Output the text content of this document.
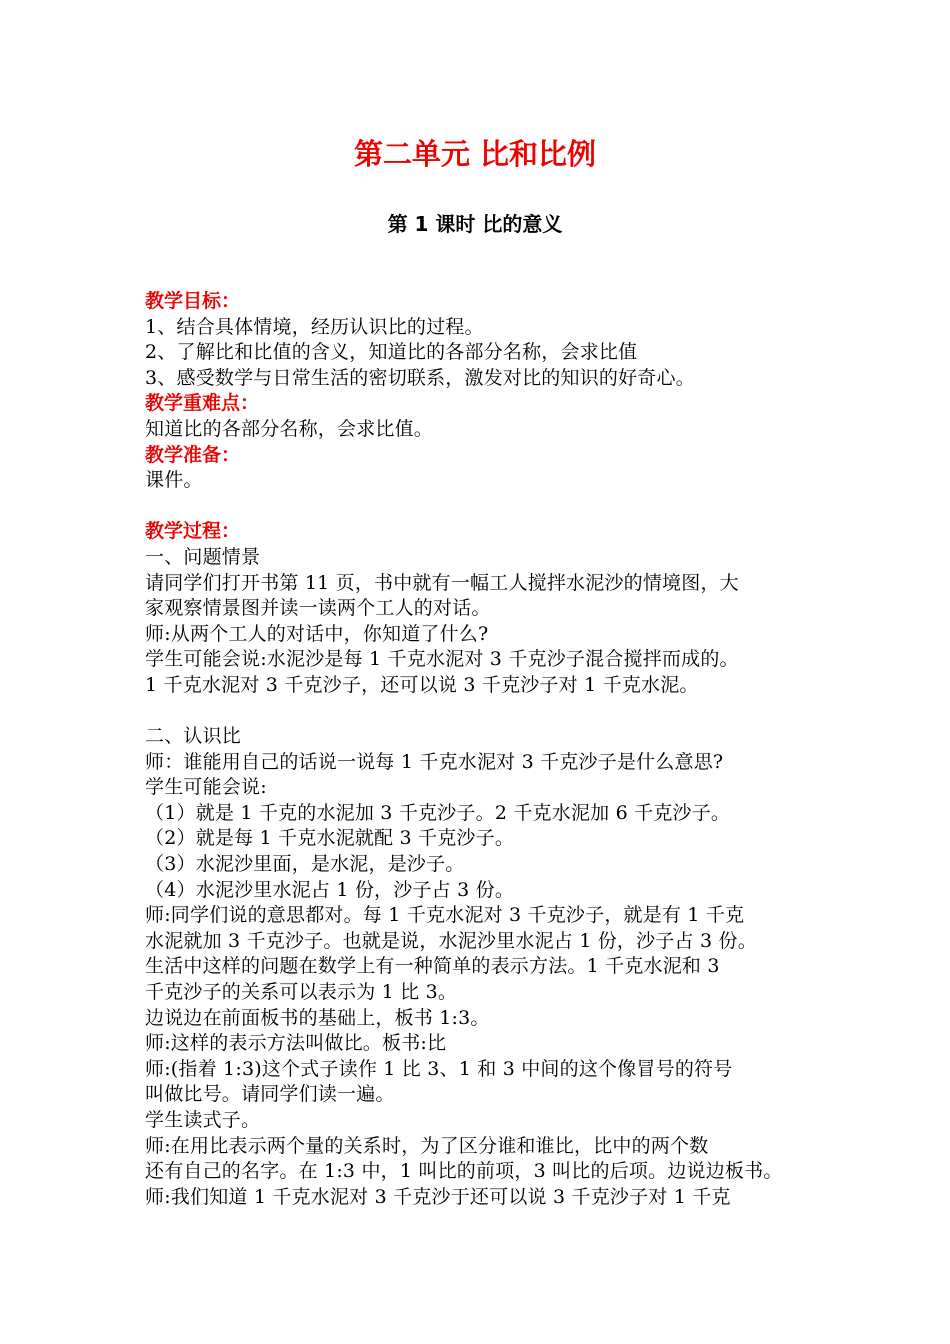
第二单元 比和比例
第 1 课时 比的意义
教学目标：
1、结合具体情境，经历认识比的过程。
2、了解比和比值的含义，知道比的各部分名称，会求比值
3、感受数学与日常生活的密切联系，激发对比的知识的好奇心。
教学重难点：
知道比的各部分名称，会求比值。
教学准备：
课件。
教学过程：
一、问题情景
请同学们打开书第 11 页，书中就有一幅工人搅拌水泥沙的情境图，大
家观察情景图并读一读两个工人的对话。
师:从两个工人的对话中，你知道了什么?
学生可能会说:水泥沙是每 1 千克水泥对 3 千克沙子混合搅拌而成的。
1 千克水泥对 3 千克沙子，还可以说 3 千克沙子对 1 千克水泥。
二、认识比
师：谁能用自己的话说一说每 1 千克水泥对 3 千克沙子是什么意思?
学生可能会说:
（1）就是 1 千克的水泥加 3 千克沙子。2 千克水泥加 6 千克沙子。
（2）就是每 1 千克水泥就配 3 千克沙子。
（3）水泥沙里面，是水泥，是沙子。
（4）水泥沙里水泥占 1 份，沙子占 3 份。
师:同学们说的意思都对。每 1 千克水泥对 3 千克沙子，就是有 1 千克
水泥就加 3 千克沙子。也就是说，水泥沙里水泥占 1 份，沙子占 3 份。
生活中这样的问题在数学上有一种简单的表示方法。1 千克水泥和 3
千克沙子的关系可以表示为 1 比 3。
边说边在前面板书的基础上，板书 1:3。
师:这样的表示方法叫做比。板书:比
师:(指着 1:3)这个式子读作 1 比 3、1 和 3 中间的这个像冒号的符号
叫做比号。请同学们读一遍。
学生读式子。
师:在用比表示两个量的关系时，为了区分谁和谁比，比中的两个数
还有自己的名字。在 1:3 中，1 叫比的前项，3 叫比的后项。边说边板书。
师:我们知道 1 千克水泥对 3 千克沙于还可以说 3 千克沙子对 1 千克
